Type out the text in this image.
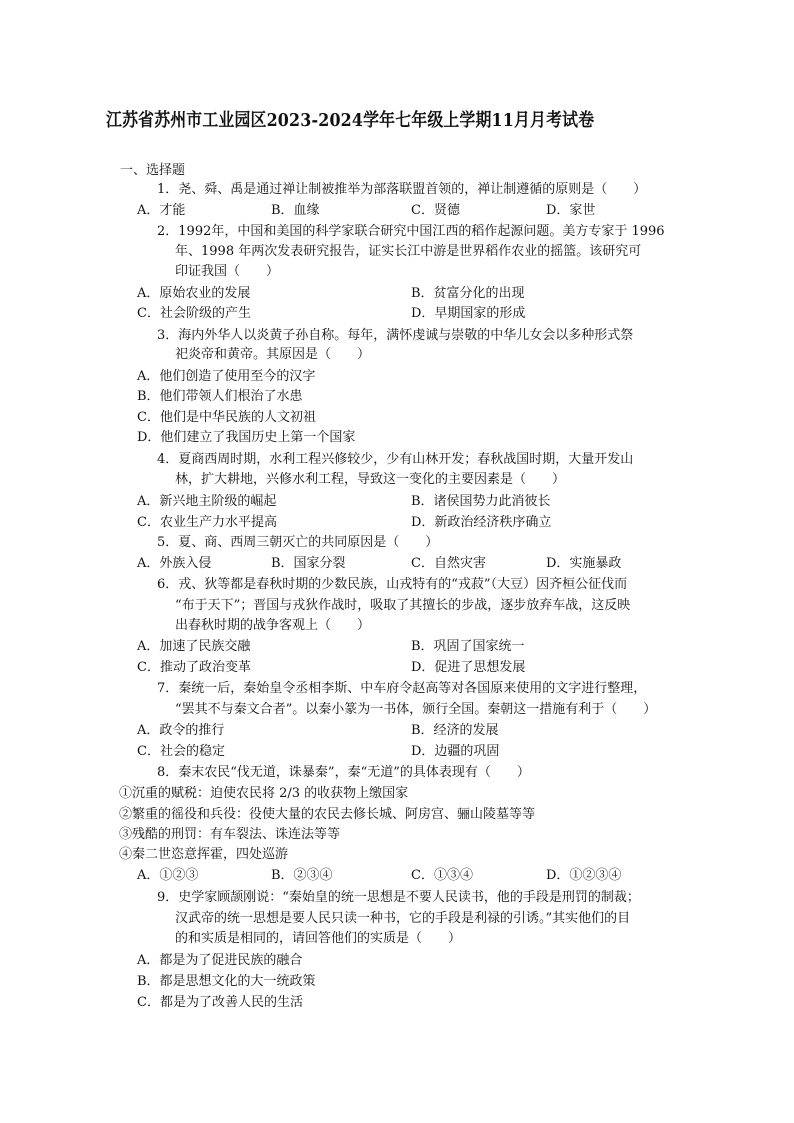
江苏省苏州市工业园区2023-2024学年七年级上学期11月月考试卷
一、选择题
1．尧、舜、禹是通过禅让制被推举为部落联盟首领的，禅让制遵循的原则是（　　）
A．才能	B．血缘	C．贤德	D．家世
2．1992年，中国和美国的科学家联合研究中国江西的稻作起源问题。美方专家于 1996
年、1998 年两次发表研究报告，证实长江中游是世界稻作农业的摇篮。该研究可
印证我国（　　）
A．原始农业的发展	B．贫富分化的出现
C．社会阶级的产生	D．早期国家的形成
3．海内外华人以炎黄子孙自称。每年，满怀虔诚与崇敬的中华儿女会以多种形式祭
祀炎帝和黄帝。其原因是（　　）
A．他们创造了使用至今的汉字
B．他们带领人们根治了水患
C．他们是中华民族的人文初祖
D．他们建立了我国历史上第一个国家
4．夏商西周时期，水利工程兴修较少，少有山林开发；春秋战国时期，大量开发山
林，扩大耕地，兴修水利工程，导致这一变化的主要因素是（　　）
A．新兴地主阶级的崛起	B．诸侯国势力此消彼长
C．农业生产力水平提高	D．新政治经济秩序确立
5．夏、商、西周三朝灭亡的共同原因是（　　）
A．外族入侵	B．国家分裂	C．自然灾害	D．实施暴政
6．戎、狄等都是春秋时期的少数民族，山戎特有的“戎菽”（大豆）因齐桓公征伐而
“布于天下”；晋国与戎狄作战时，吸取了其擅长的步战，逐步放弃车战，这反映
出春秋时期的战争客观上（　　）
A．加速了民族交融	B．巩固了国家统一
C．推动了政治变革	D．促进了思想发展
7．秦统一后，秦始皇令丞相李斯、中车府令赵高等对各国原来使用的文字进行整理，
“罢其不与秦文合者”。以秦小篆为一书体，颁行全国。秦朝这一措施有利于（　　）
A．政令的推行	B．经济的发展
C．社会的稳定	D．边疆的巩固
8．秦末农民“伐无道，诛暴秦”，秦“无道”的具体表现有（　　）
①沉重的赋税：迫使农民将 2/3 的收获物上缴国家
②繁重的徭役和兵役：役使大量的农民去修长城、阿房宫、骊山陵墓等等
③残酷的刑罚：有车裂法、诛连法等等
④秦二世恣意挥霍，四处巡游
A．①②③	B．②③④	C．①③④	D．①②③④
9．史学家顾颉刚说：“秦始皇的统一思想是不要人民读书，他的手段是刑罚的制裁；
汉武帝的统一思想是要人民只读一种书，它的手段是利禄的引诱。”其实他们的目
的和实质是相同的，请回答他们的实质是（　　）
A．都是为了促进民族的融合
B．都是思想文化的大一统政策
C．都是为了改善人民的生活
